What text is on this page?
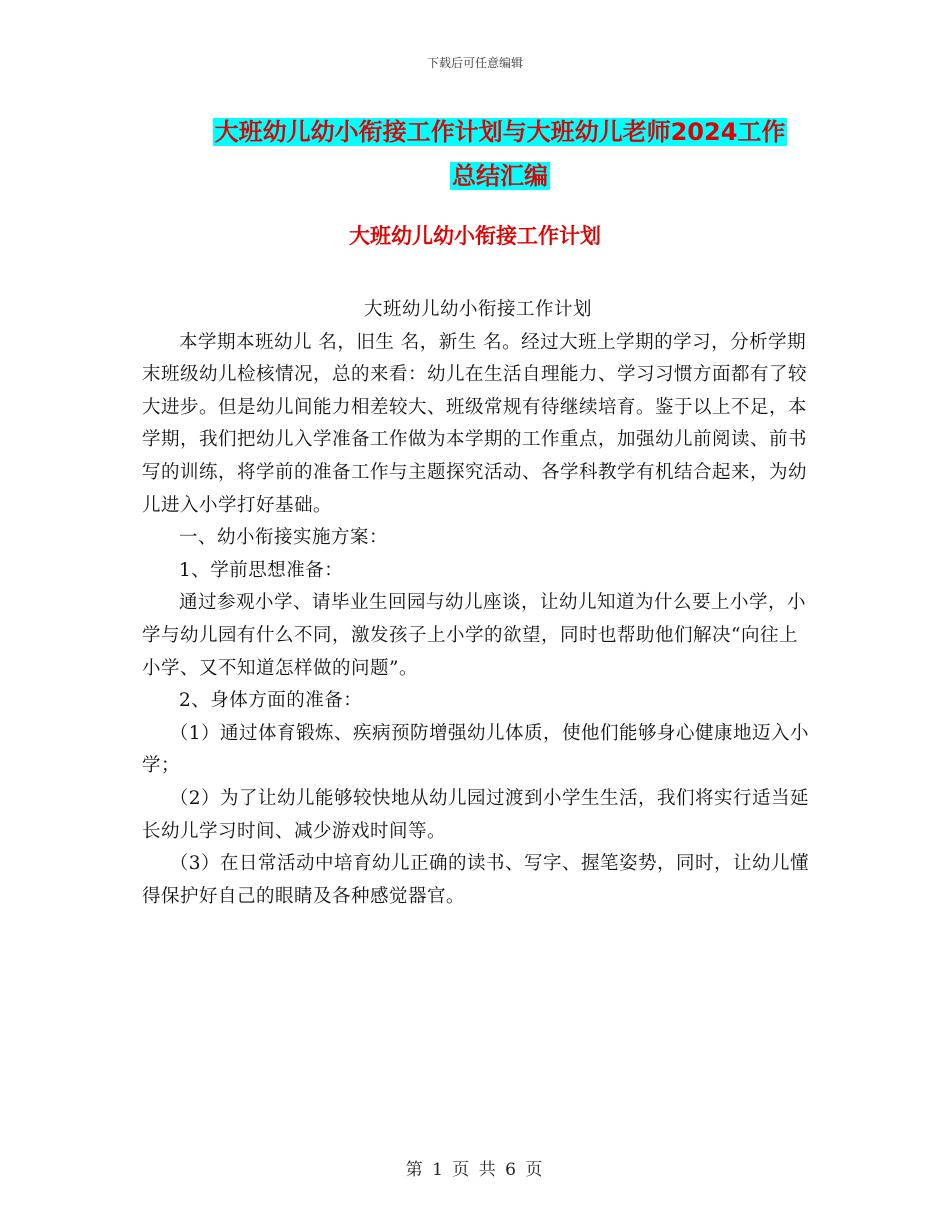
下载后可任意编辑
大班幼儿幼小衔接工作计划与大班幼儿老师2024工作
总结汇编
大班幼儿幼小衔接工作计划

大班幼儿幼小衔接工作计划

本学期本班幼儿 名，旧生 名，新生 名。经过大班上学期的学习，分析学期末班级幼儿检核情况，总的来看：幼儿在生活自理能力、学习习惯方面都有了较大进步。但是幼儿间能力相差较大、班级常规有待继续培育。鉴于以上不足，本学期，我们把幼儿入学准备工作做为本学期的工作重点，加强幼儿前阅读、前书写的训练，将学前的准备工作与主题探究活动、各学科教学有机结合起来，为幼儿进入小学打好基础。

一、幼小衔接实施方案：

1、学前思想准备：

通过参观小学、请毕业生回园与幼儿座谈，让幼儿知道为什么要上小学，小学与幼儿园有什么不同，激发孩子上小学的欲望，同时也帮助他们解决“向往上小学、又不知道怎样做的问题”。

2、身体方面的准备：

（1）通过体育锻炼、疾病预防增强幼儿体质，使他们能够身心健康地迈入小学；

（2）为了让幼儿能够较快地从幼儿园过渡到小学生生活，我们将实行适当延长幼儿学习时间、减少游戏时间等。

（3）在日常活动中培育幼儿正确的读书、写字、握笔姿势，同时，让幼儿懂得保护好自己的眼睛及各种感觉器官。

第 1 页 共 6 页
